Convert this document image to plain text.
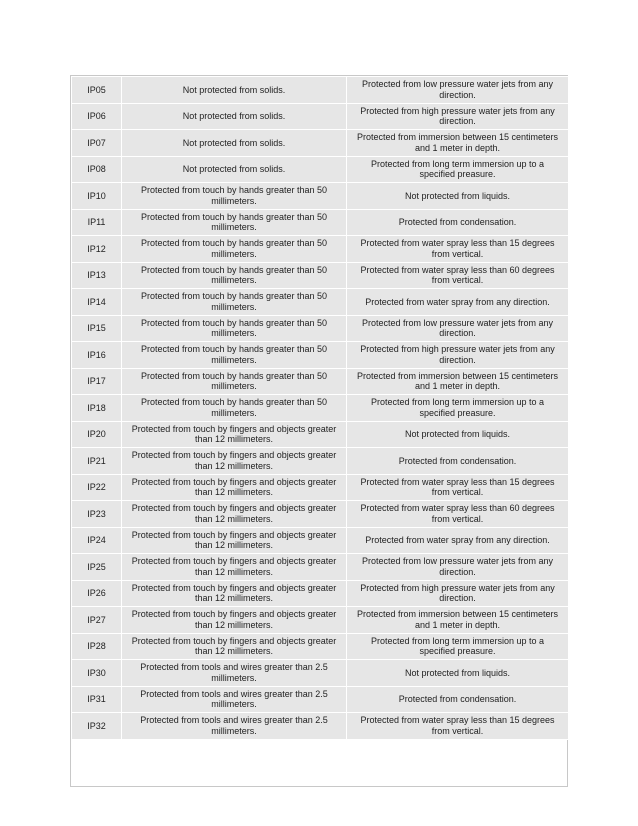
IP05	Not protected from solids.	Protected from low pressure water jets from any direction.
IP06	Not protected from solids.	Protected from high pressure water jets from any direction.
IP07	Not protected from solids.	Protected from immersion between 15 centimeters and 1 meter in depth.
IP08	Not protected from solids.	Protected from long term immersion up to a specified preasure.
IP10	Protected from touch by hands greater than 50 millimeters.	Not protected from liquids.
IP11	Protected from touch by hands greater than 50 millimeters.	Protected from condensation.
IP12	Protected from touch by hands greater than 50 millimeters.	Protected from water spray less than 15 degrees from vertical.
IP13	Protected from touch by hands greater than 50 millimeters.	Protected from water spray less than 60 degrees from vertical.
IP14	Protected from touch by hands greater than 50 millimeters.	Protected from water spray from any direction.
IP15	Protected from touch by hands greater than 50 millimeters.	Protected from low pressure water jets from any direction.
IP16	Protected from touch by hands greater than 50 millimeters.	Protected from high pressure water jets from any direction.
IP17	Protected from touch by hands greater than 50 millimeters.	Protected from immersion between 15 centimeters and 1 meter in depth.
IP18	Protected from touch by hands greater than 50 millimeters.	Protected from long term immersion up to a specified preasure.
IP20	Protected from touch by fingers and objects greater than 12 millimeters.	Not protected from liquids.
IP21	Protected from touch by fingers and objects greater than 12 millimeters.	Protected from condensation.
IP22	Protected from touch by fingers and objects greater than 12 millimeters.	Protected from water spray less than 15 degrees from vertical.
IP23	Protected from touch by fingers and objects greater than 12 millimeters.	Protected from water spray less than 60 degrees from vertical.
IP24	Protected from touch by fingers and objects greater than 12 millimeters.	Protected from water spray from any direction.
IP25	Protected from touch by fingers and objects greater than 12 millimeters.	Protected from low pressure water jets from any direction.
IP26	Protected from touch by fingers and objects greater than 12 millimeters.	Protected from high pressure water jets from any direction.
IP27	Protected from touch by fingers and objects greater than 12 millimeters.	Protected from immersion between 15 centimeters and 1 meter in depth.
IP28	Protected from touch by fingers and objects greater than 12 millimeters.	Protected from long term immersion up to a specified preasure.
IP30	Protected from tools and wires greater than 2.5 millimeters.	Not protected from liquids.
IP31	Protected from tools and wires greater than 2.5 millimeters.	Protected from condensation.
IP32	Protected from tools and wires greater than 2.5 millimeters.	Protected from water spray less than 15 degrees from vertical.
